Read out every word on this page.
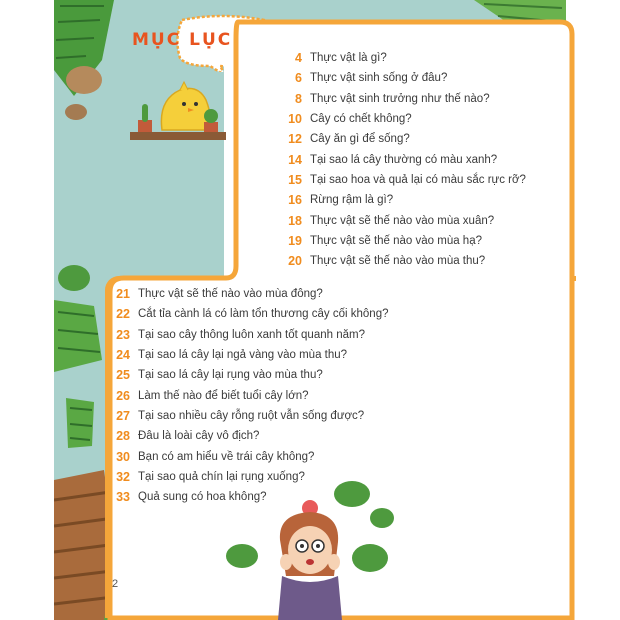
MỤC LỤC
4 Thực vật là gì?
6 Thực vật sinh sống ở đâu?
8 Thực vật sinh trưởng như thế nào?
10 Cây có chết không?
12 Cây ăn gì để sống?
14 Tại sao lá cây thường có màu xanh?
15 Tại sao hoa và quả lại có màu sắc rực rỡ?
16 Rừng rậm là gì?
18 Thực vật sẽ thế nào vào mùa xuân?
19 Thực vật sẽ thế nào vào mùa hạ?
20 Thực vật sẽ thế nào vào mùa thu?
21 Thực vật sẽ thế nào vào mùa đông?
22 Cắt tỉa cành lá có làm tổn thương cây cối không?
23 Tại sao cây thông luôn xanh tốt quanh năm?
24 Tại sao lá cây lại ngả vàng vào mùa thu?
25 Tại sao lá cây lại rụng vào mùa thu?
26 Làm thế nào để biết tuổi cây lớn?
27 Tại sao nhiều cây rỗng ruột vẫn sống được?
28 Đâu là loài cây vô địch?
30 Bạn có am hiểu về trái cây không?
32 Tại sao quả chín lại rụng xuống?
33 Quả sung có hoa không?
2
